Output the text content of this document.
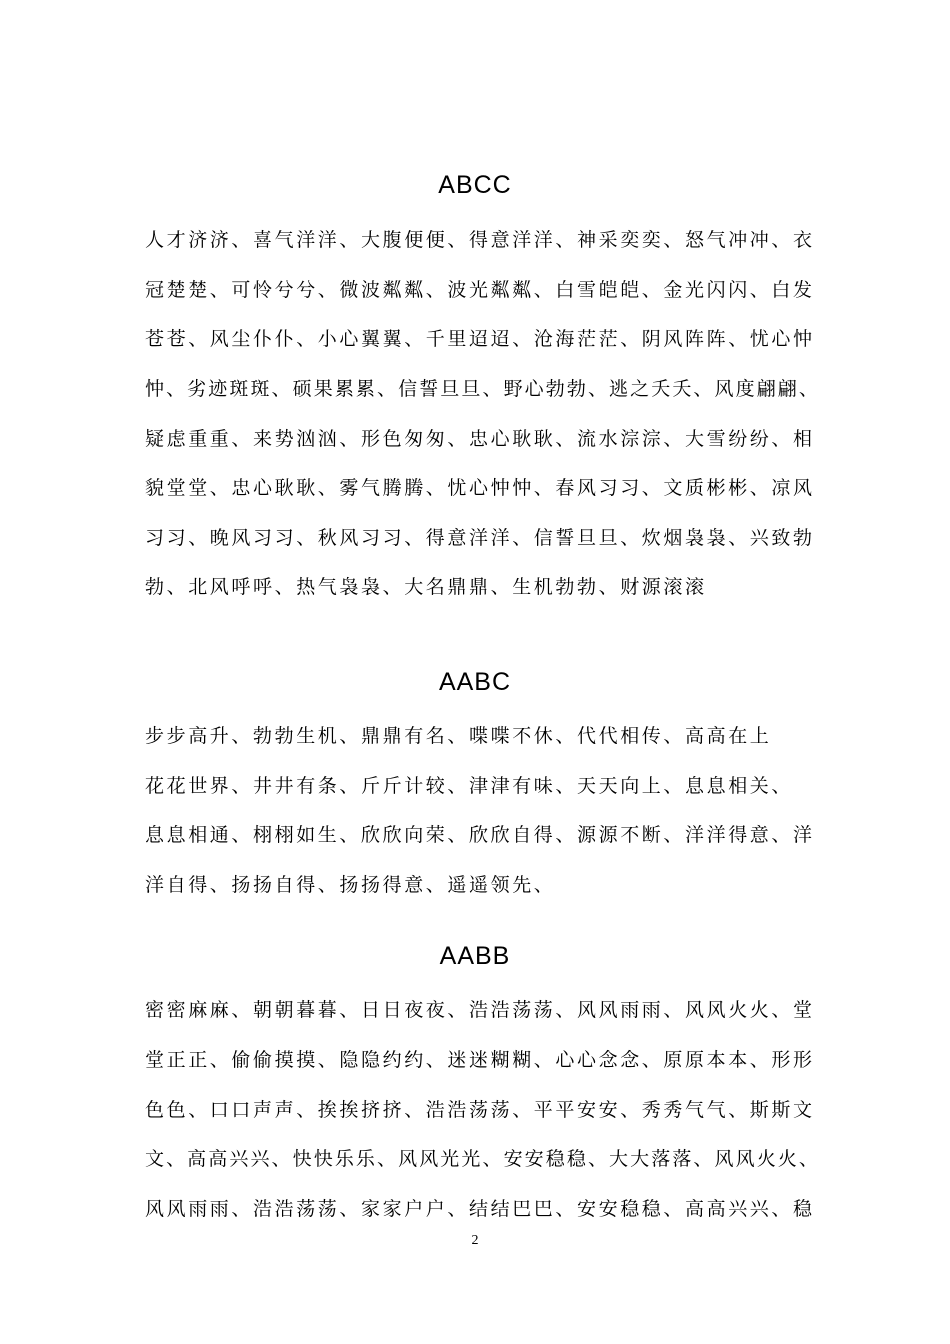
ABCC
人才济济、喜气洋洋、大腹便便、得意洋洋、神采奕奕、怒气冲冲、衣
冠楚楚、可怜兮兮、微波粼粼、波光粼粼、白雪皑皑、金光闪闪、白发
苍苍、风尘仆仆、小心翼翼、千里迢迢、沧海茫茫、阴风阵阵、忧心忡
忡、劣迹斑斑、硕果累累、信誓旦旦、野心勃勃、逃之夭夭、风度翩翩、
疑虑重重、来势汹汹、形色匆匆、忠心耿耿、流水淙淙、大雪纷纷、相
貌堂堂、忠心耿耿、雾气腾腾、忧心忡忡、春风习习、文质彬彬、凉风
习习、晚风习习、秋风习习、得意洋洋、信誓旦旦、炊烟袅袅、兴致勃
勃、北风呼呼、热气袅袅、大名鼎鼎、生机勃勃、财源滚滚
AABC
步步高升、勃勃生机、鼎鼎有名、喋喋不休、代代相传、高高在上
花花世界、井井有条、斤斤计较、津津有味、天天向上、息息相关、
息息相通、栩栩如生、欣欣向荣、欣欣自得、源源不断、洋洋得意、洋
洋自得、扬扬自得、扬扬得意、遥遥领先、
AABB
密密麻麻、朝朝暮暮、日日夜夜、浩浩荡荡、风风雨雨、风风火火、堂
堂正正、偷偷摸摸、隐隐约约、迷迷糊糊、心心念念、原原本本、形形
色色、口口声声、挨挨挤挤、浩浩荡荡、平平安安、秀秀气气、斯斯文
文、高高兴兴、快快乐乐、风风光光、安安稳稳、大大落落、风风火火、
风风雨雨、浩浩荡荡、家家户户、结结巴巴、安安稳稳、高高兴兴、稳
2
